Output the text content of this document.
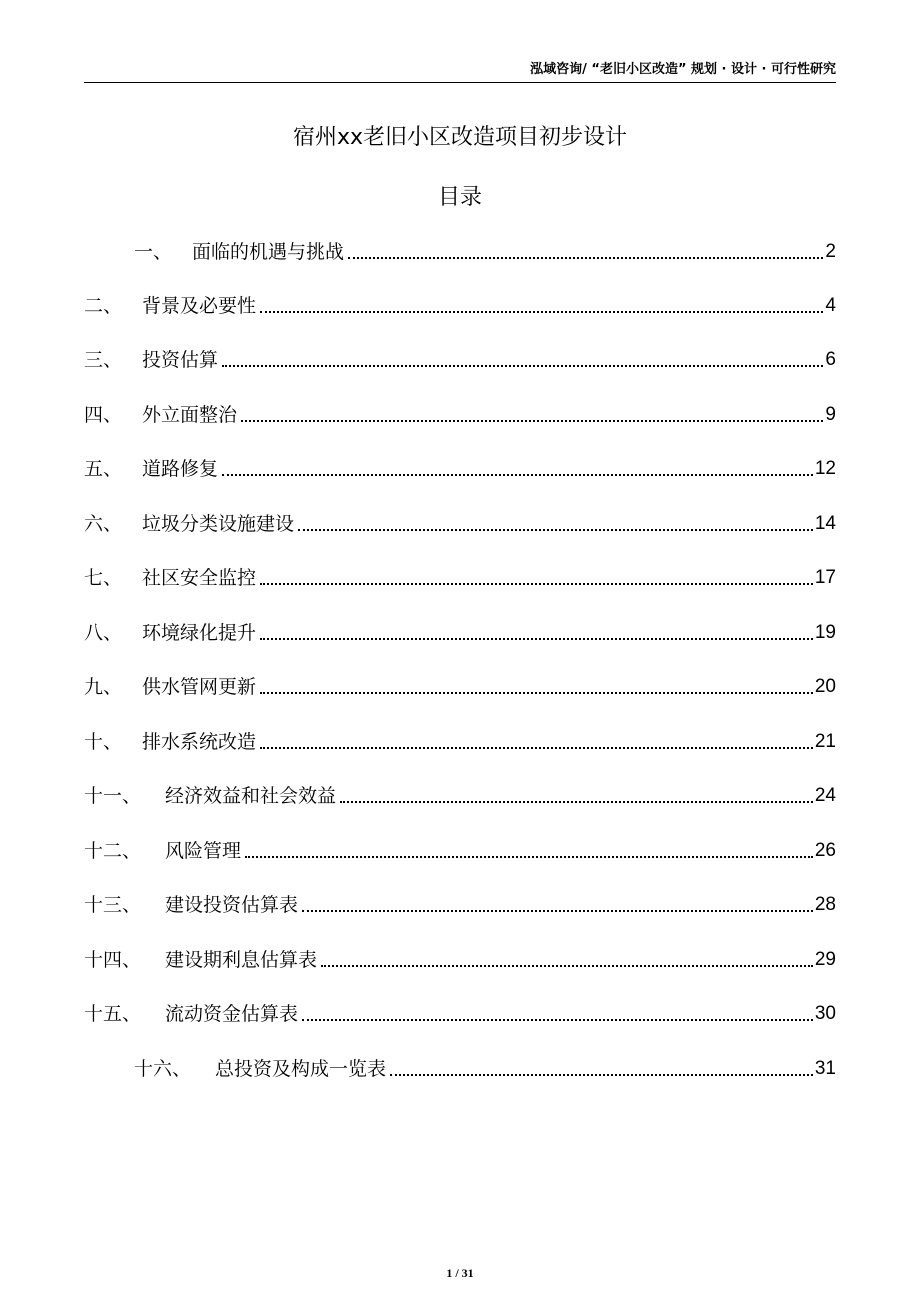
泓域咨询/ “老旧小区改造” 规划 · 设计 · 可行性研究
宿州xx老旧小区改造项目初步设计
目录
一、 面临的机遇与挑战	2
二、 背景及必要性	4
三、 投资估算	6
四、 外立面整治	9
五、 道路修复	12
六、 垃圾分类设施建设	14
七、 社区安全监控	17
八、 环境绿化提升	19
九、 供水管网更新	20
十、 排水系统改造	21
十一、 经济效益和社会效益	24
十二、 风险管理	26
十三、 建设投资估算表	28
十四、 建设期利息估算表	29
十五、 流动资金估算表	30
十六、 总投资及构成一览表	31
1 / 31
